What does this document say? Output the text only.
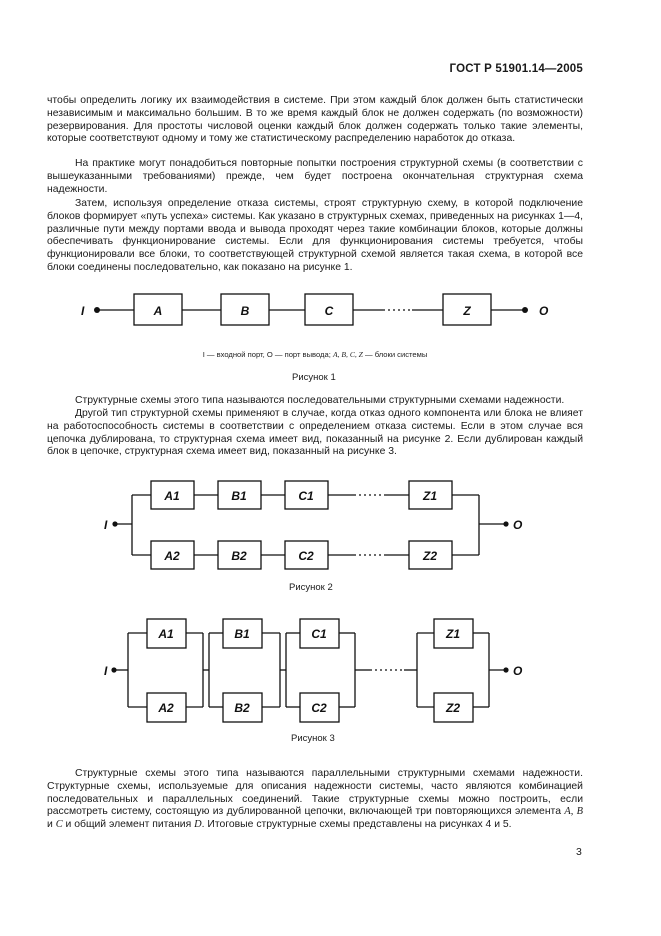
ГОСТ Р 51901.14—2005

чтобы определить логику их взаимодействия в системе. При этом каждый блок должен быть статистически независимым и максимально большим. В то же время каждый блок не должен содержать (по возможности) резервирования. Для простоты числовой оценки каждый блок должен содержать только такие элементы, которые соответствуют одному и тому же статистическому распределению наработок до отказа.

На практике могут понадобиться повторные попытки построения структурной схемы (в соответствии с вышеуказанными требованиями) прежде, чем будет построена окончательная структурная схема надежности.

Затем, используя определение отказа системы, строят структурную схему, в которой подключение блоков формирует «путь успеха» системы. Как указано в структурных схемах, приведенных на рисунках 1—4, различные пути между портами ввода и вывода проходят через такие комбинации блоков, которые должны обеспечивать функционирование системы. Если для функционирования системы требуется, чтобы функционировали все блоки, то соответствующей структурной схемой является такая схема, в которой все блоки соединены последовательно, как показано на рисунке 1.

I	O
A	B	C	Z
I — входной порт, O — порт вывода; A, B, C, Z — блоки системы
Рисунок 1

Структурные схемы этого типа называются последовательными структурными схемами надежности.

Другой тип структурной схемы применяют в случае, когда отказ одного компонента или блока не влияет на работоспособность системы в соответствии с определением отказа системы. Если в этом случае вся цепочка дублирована, то структурная схема имеет вид, показанный на рисунке 2. Если дублирован каждый блок в цепочке, структурная схема имеет вид, показанный на рисунке 3.

I	O
A1	B1	C1	Z1
A2	B2	C2	Z2
Рисунок 2
I	O
A1	B1	C1	Z1
A2	B2	C2	Z2
Рисунок 3

Структурные схемы этого типа называются параллельными структурными схемами надежности. Структурные схемы, используемые для описания надежности системы, часто являются комбинацией последовательных и параллельных соединений. Такие структурные схемы можно построить, если рассмотреть систему, состоящую из дублированной цепочки, включающей три повторяющихся элемента A, B и C и общий элемент питания D. Итоговые структурные схемы представлены на рисунках 4 и 5.

3
